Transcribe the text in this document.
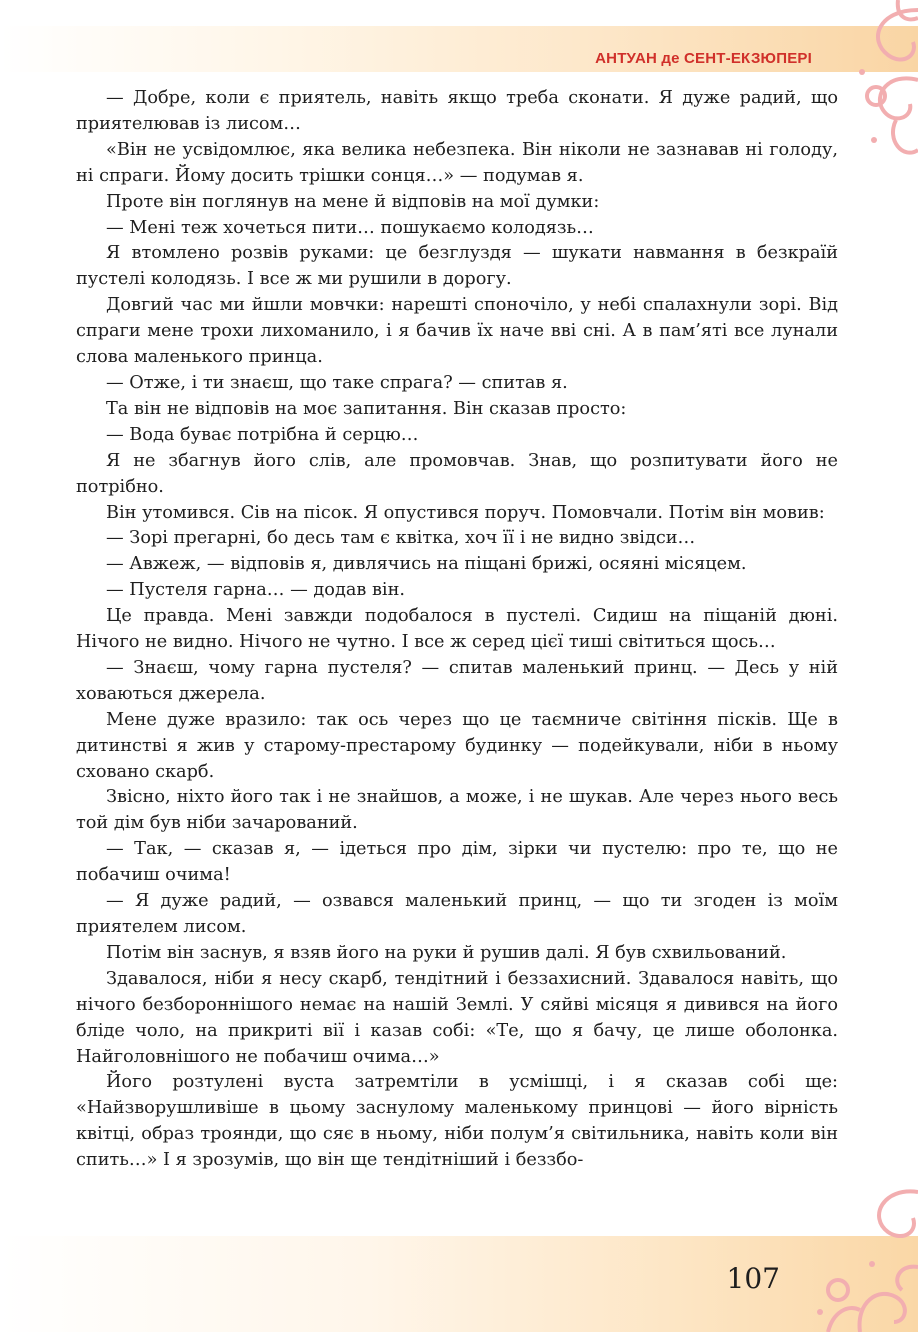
АНТУАН де СЕНТ-ЕКЗЮПЕРІ

— Добре, коли є приятель, навіть якщо треба сконати. Я дуже радий, що приятелював із лисом…

«Він не усвідомлює, яка велика небезпека. Він ніколи не зазнавав ні голоду, ні спраги. Йому досить трішки сонця…» — подумав я.

Проте він поглянув на мене й відповів на мої думки:

— Мені теж хочеться пити… пошукаємо колодязь…

Я втомлено розвів руками: це безглуздя — шукати навмання в безкраїй пустелі колодязь. І все ж ми рушили в дорогу.

Довгий час ми йшли мовчки: нарешті споночіло, у небі спалахнули зорі. Від спраги мене трохи лихоманило, і я бачив їх наче вві сні. А в пам’яті все лунали слова маленького принца.

— Отже, і ти знаєш, що таке спрага? — спитав я.

Та він не відповів на моє запитання. Він сказав просто:

— Вода буває потрібна й серцю…

Я не збагнув його слів, але промовчав. Знав, що розпитувати його не потрібно.

Він утомився. Сів на пісок. Я опустився поруч. Помовчали. Потім він мовив:

— Зорі прегарні, бо десь там є квітка, хоч її і не видно звідси…

— Авжеж, — відповів я, дивлячись на піщані брижі, осяяні місяцем.

— Пустеля гарна… — додав він.

Це правда. Мені завжди подобалося в пустелі. Сидиш на піщаній дюні. Нічого не видно. Нічого не чутно. І все ж серед цієї тиші світиться щось…

— Знаєш, чому гарна пустеля? — спитав маленький принц. — Десь у ній ховаються джерела.

Мене дуже вразило: так ось через що це таємниче світіння пісків. Ще в дитинстві я жив у старому-престарому будинку — подейкували, ніби в ньому сховано скарб.

Звісно, ніхто його так і не знайшов, а може, і не шукав. Але через нього весь той дім був ніби зачарований.

— Так, — сказав я, — ідеться про дім, зірки чи пустелю: про те, що не побачиш очима!

— Я дуже радий, — озвався маленький принц, — що ти згоден із моїм приятелем лисом.

Потім він заснув, я взяв його на руки й рушив далі. Я був схвильований.

Здавалося, ніби я несу скарб, тендітний і беззахисний. Здавалося навіть, що нічого безбороннішого немає на нашій Землі. У сяйві місяця я дивився на його бліде чоло, на прикриті вії і казав собі: «Те, що я бачу, це лише оболонка. Найголовнішого не побачиш очима…»

Його розтулені вуста затремтіли в усмішці, і я сказав собі ще: «Найзворушливіше в цьому заснулому маленькому принцові — його вірність квітці, образ троянди, що сяє в ньому, ніби полум’я світильника, навіть коли він спить…» І я зрозумів, що він ще тендітніший і беззбо-

107
